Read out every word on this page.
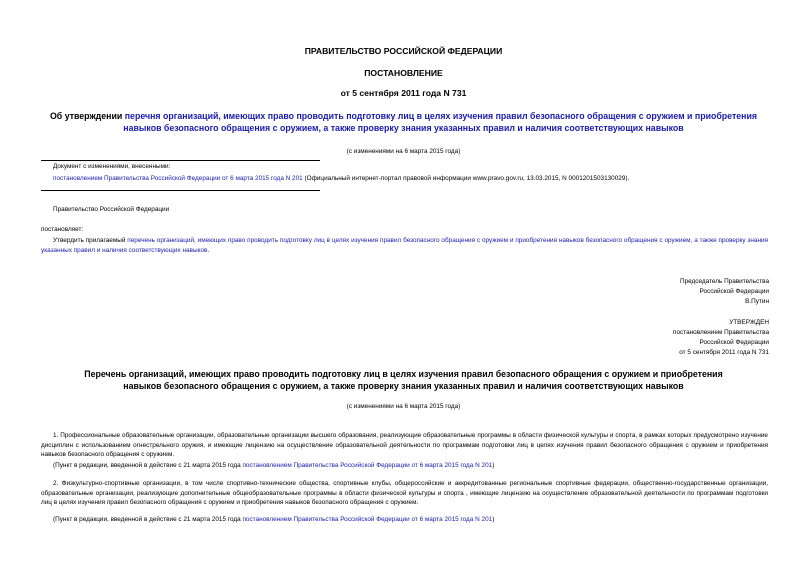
ПРАВИТЕЛЬСТВО РОССИЙСКОЙ ФЕДЕРАЦИИ
ПОСТАНОВЛЕНИЕ
от 5 сентября 2011 года N 731
Об утверждении перечня организаций, имеющих право проводить подготовку лиц в целях изучения правил безопасного обращения с оружием и приобретения навыков безопасного обращения с оружием, а также проверку знания указанных правил и наличия соответствующих навыков
(с изменениями на 6 марта 2015 года)
Документ с изменениями, внесенными:
постановлением Правительства Российской Федерации от 6 марта 2015 года N 201 (Официальный интернет-портал правовой информации www.pravo.gov.ru, 13.03.2015, N 0001201503130029).
Правительство Российской Федерации
постановляет:
Утвердить прилагаемый перечень организаций, имеющих право проводить подготовку лиц в целях изучения правил безопасного обращения с оружием и приобретения навыков безопасного обращения с оружием, а также проверку знания указанных правил и наличия соответствующих навыков.
Председатель Правительства
Российской Федерации
В.Путин
УТВЕРЖДЕН
постановлением Правительства
Российской Федерации
от 5 сентября 2011 года N 731
Перечень организаций, имеющих право проводить подготовку лиц в целях изучения правил безопасного обращения с оружием и приобретения навыков безопасного обращения с оружием, а также проверку знания указанных правил и наличия соответствующих навыков
(с изменениями на 6 марта 2015 года)
1. Профессиональные образовательные организации, образовательные организации высшего образования, реализующие образовательные программы в области физической культуры и спорта, в рамках которых предусмотрено изучение дисциплин с использованием огнестрельного оружия, и имеющие лицензию на осуществление образовательной деятельности по программам подготовки лиц в целях изучения правил безопасного обращения с оружием и приобретения навыков безопасного обращения с оружием.
(Пункт в редакции, введенной в действие с 21 марта 2015 года постановлением Правительства Российской Федерации от 6 марта 2015 года N 201)
2. Физкультурно-спортивные организации, в том числе спортивно-технические общества, спортивные клубы, общероссийские и аккредитованные региональные спортивные федерации, общественно-государственные организации, образовательные организации, реализующие дополнительные общеобразовательные программы в области физической культуры и спорта , имеющие лицензию на осуществление образовательной деятельности по программам подготовки лиц в целях изучения правил безопасного обращения с оружием и приобретения навыков безопасного обращения с оружием.
(Пункт в редакции, введенной в действие с 21 марта 2015 года постановлением Правительства Российской Федерации от 6 марта 2015 года N 201)
